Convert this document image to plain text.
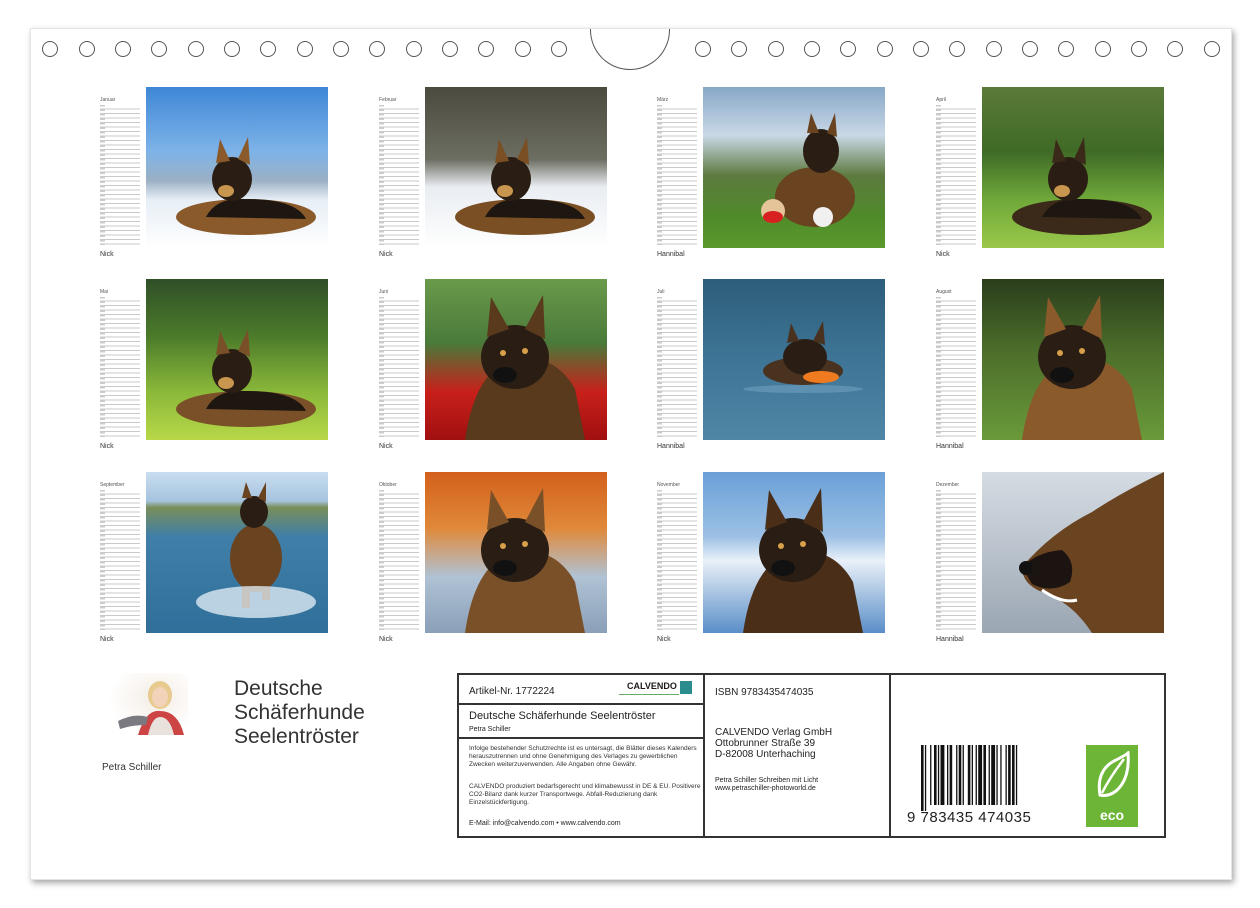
Januar
Nick
Februar
Nick
März
Hannibal
April
Nick
Mai
Nick
Juni
Nick
Juli
Hannibal
August
Hannibal
September
Nick
Oktober
Nick
November
Nick
Dezember
Hannibal
Petra Schiller
Deutsche
Schäferhunde
Seelentröster
Artikel-Nr. 1772224	CALVENDO
Deutsche Schäferhunde Seelentröster
Petra Schiller
Infolge bestehender Schutzrechte ist es untersagt, die Blätter dieses Kalenders herauszutrennen und ohne Genehmigung des Verlages zu gewerblichen Zwecken weiterzuverwenden. Alle Angaben ohne Gewähr.
CALVENDO produziert bedarfsgerecht und klimabewusst in DE & EU. Positivere CO2-Bilanz dank kurzer Transportwege. Abfall-Reduzierung dank Einzelstückfertigung.
E-Mail: info@calvendo.com • www.calvendo.com
ISBN 9783435474035
CALVENDO Verlag GmbH
Ottobrunner Straße 39
D-82008 Unterhaching
Petra Schiller Schreiben mit Licht
www.petraschiller-photoworld.de
9 783435 474035	eco
